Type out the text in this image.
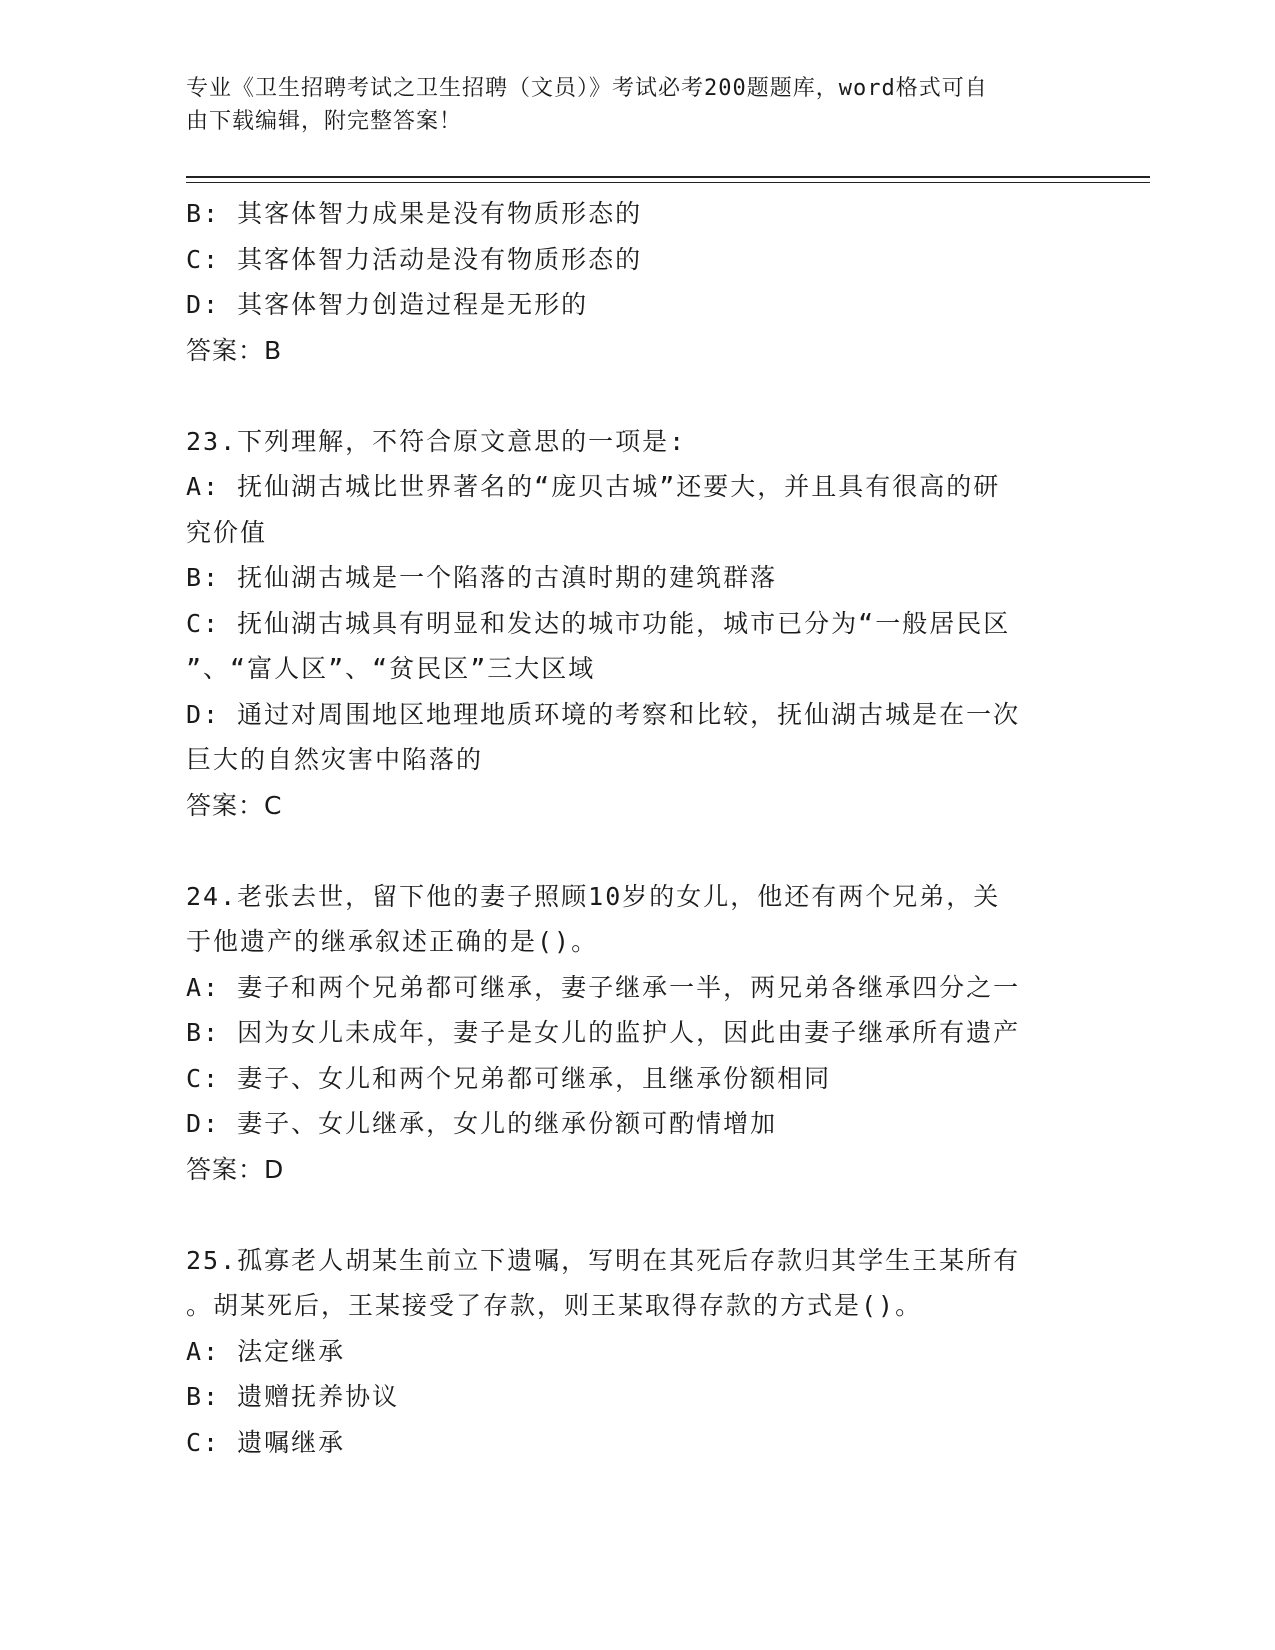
专业《卫生招聘考试之卫生招聘（文员）》考试必考200题题库，word格式可自
由下载编辑，附完整答案！
B: 其客体智力成果是没有物质形态的
C: 其客体智力活动是没有物质形态的
D: 其客体智力创造过程是无形的
答案：B
23.下列理解，不符合原文意思的一项是:
A: 抚仙湖古城比世界著名的“庞贝古城”还要大，并且具有很高的研
究价值
B: 抚仙湖古城是一个陷落的古滇时期的建筑群落
C: 抚仙湖古城具有明显和发达的城市功能，城市已分为“一般居民区
”、“富人区”、“贫民区”三大区域
D: 通过对周围地区地理地质环境的考察和比较，抚仙湖古城是在一次
巨大的自然灾害中陷落的
答案：C
24.老张去世，留下他的妻子照顾10岁的女儿，他还有两个兄弟，关
于他遗产的继承叙述正确的是()。
A: 妻子和两个兄弟都可继承，妻子继承一半，两兄弟各继承四分之一
B: 因为女儿未成年，妻子是女儿的监护人，因此由妻子继承所有遗产
C: 妻子、女儿和两个兄弟都可继承，且继承份额相同
D: 妻子、女儿继承，女儿的继承份额可酌情增加
答案：D
25.孤寡老人胡某生前立下遗嘱，写明在其死后存款归其学生王某所有
。胡某死后，王某接受了存款，则王某取得存款的方式是()。
A: 法定继承
B: 遗赠抚养协议
C: 遗嘱继承
